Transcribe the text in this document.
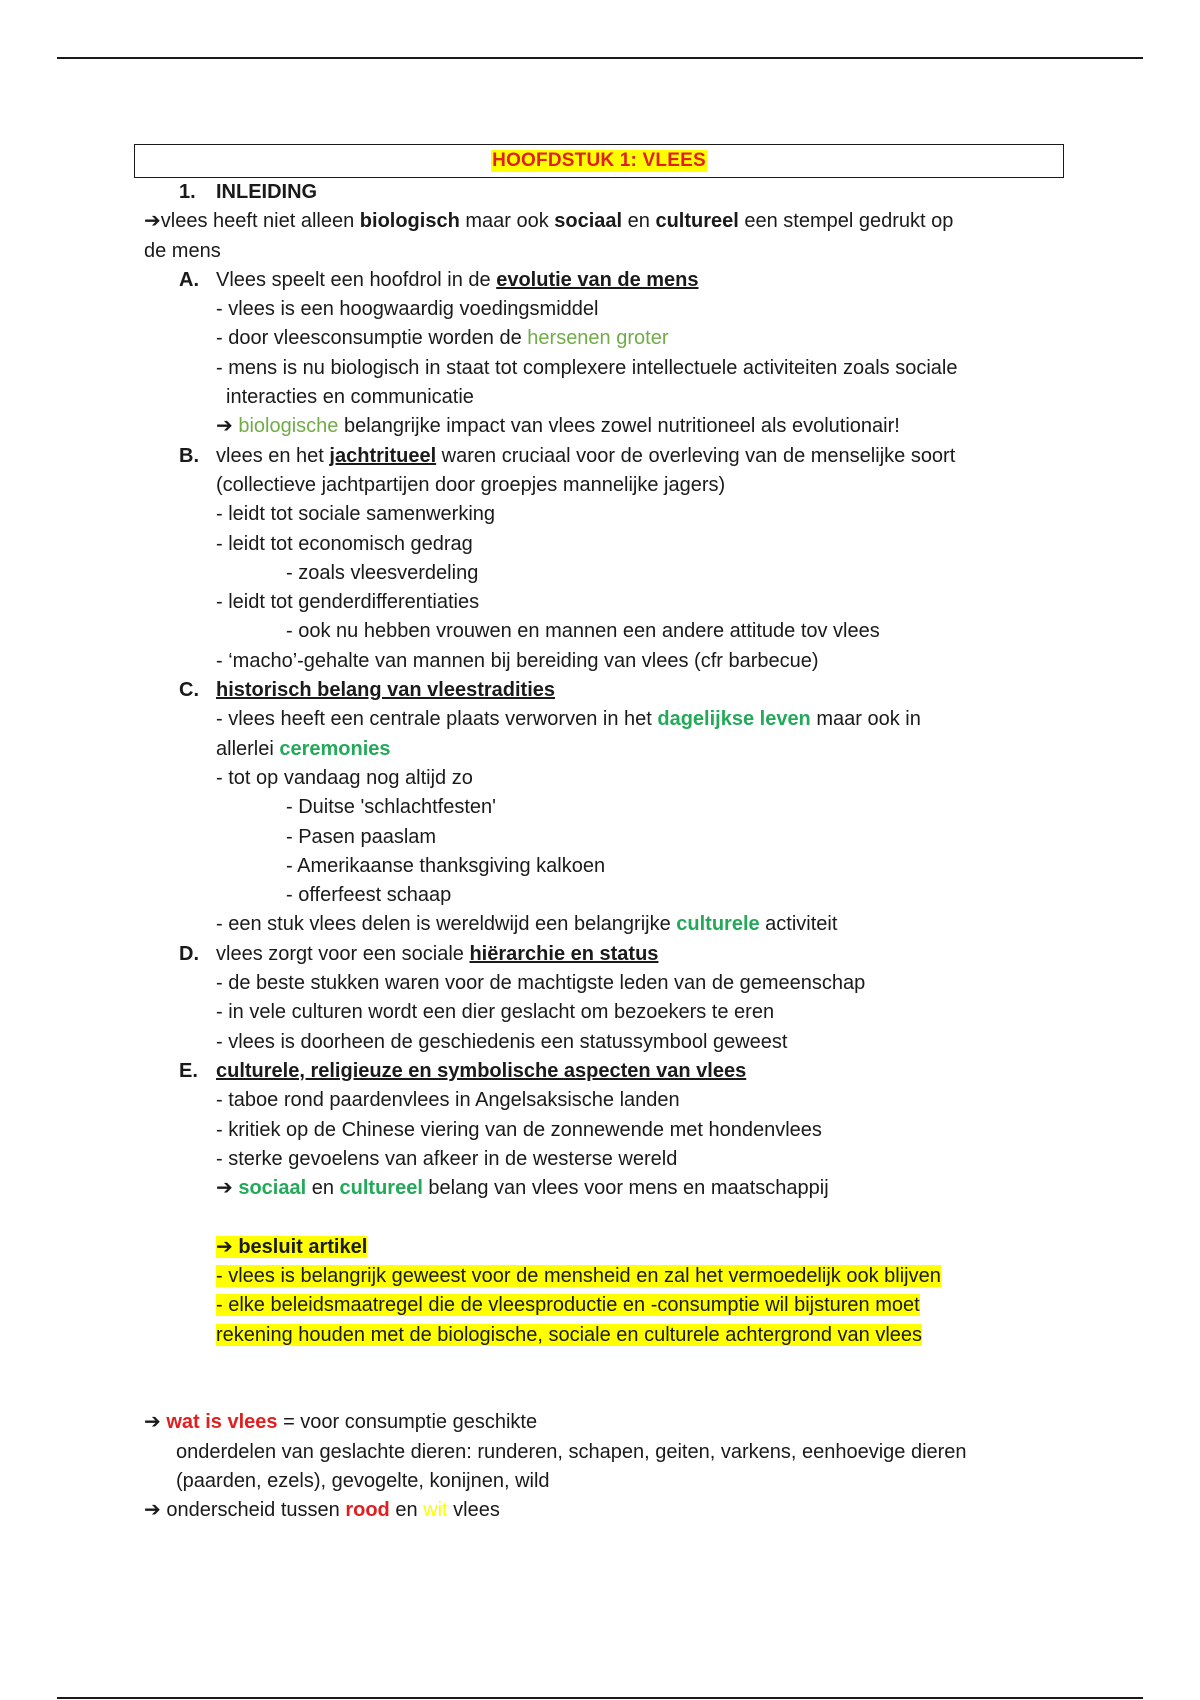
HOOFDSTUK 1: VLEES
1. INLEIDING
➔vlees heeft niet alleen biologisch maar ook sociaal en cultureel een stempel gedrukt op
de mens
A. Vlees speelt een hoofdrol in de evolutie van de mens
- vlees is een hoogwaardig voedingsmiddel
- door vleesconsumptie worden de hersenen groter
- mens is nu biologisch in staat tot complexere intellectuele activiteiten zoals sociale
interacties en communicatie
➔ biologische belangrijke impact van vlees zowel nutritioneel als evolutionair!
B. vlees en het jachtritueel waren cruciaal voor de overleving van de menselijke soort
(collectieve jachtpartijen door groepjes mannelijke jagers)
- leidt tot sociale samenwerking
- leidt tot economisch gedrag
- zoals vleesverdeling
- leidt tot genderdifferentiaties
- ook nu hebben vrouwen en mannen een andere attitude tov vlees
- ‘macho’-gehalte van mannen bij bereiding van vlees (cfr barbecue)
C. historisch belang van vleestradities
- vlees heeft een centrale plaats verworven in het dagelijkse leven maar ook in
allerlei ceremonies
- tot op vandaag nog altijd zo
- Duitse 'schlachtfesten'
- Pasen paaslam
- Amerikaanse thanksgiving kalkoen
- offerfeest schaap
- een stuk vlees delen is wereldwijd een belangrijke culturele activiteit
D. vlees zorgt voor een sociale hiërarchie en status
- de beste stukken waren voor de machtigste leden van de gemeenschap
- in vele culturen wordt een dier geslacht om bezoekers te eren
- vlees is doorheen de geschiedenis een statussymbool geweest
E. culturele, religieuze en symbolische aspecten van vlees
- taboe rond paardenvlees in Angelsaksische landen
- kritiek op de Chinese viering van de zonnewende met hondenvlees
- sterke gevoelens van afkeer in de westerse wereld
➔ sociaal en cultureel belang van vlees voor mens en maatschappij
➔ besluit artikel
- vlees is belangrijk geweest voor de mensheid en zal het vermoedelijk ook blijven
- elke beleidsmaatregel die de vleesproductie en -consumptie wil bijsturen moet
rekening houden met de biologische, sociale en culturele achtergrond van vlees
➔ wat is vlees = voor consumptie geschikte
onderdelen van geslachte dieren: runderen, schapen, geiten, varkens, eenhoevige dieren
(paarden, ezels), gevogelte, konijnen, wild
➔ onderscheid tussen rood en wit vlees
